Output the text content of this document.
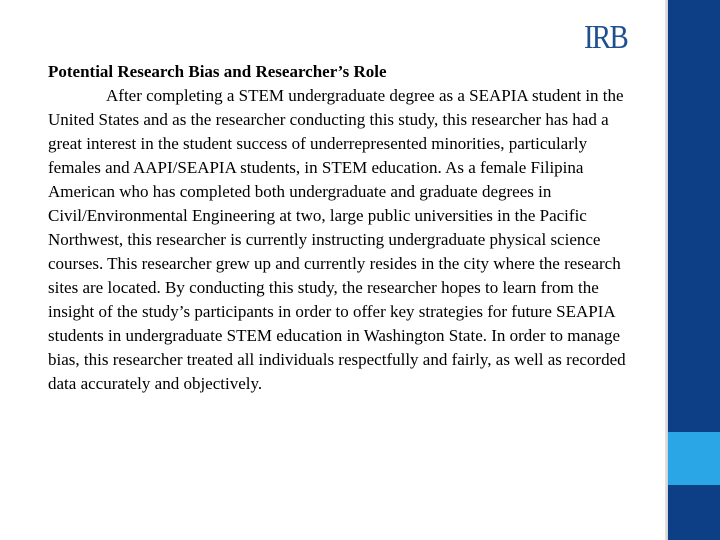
IRB

Potential Research Bias and Researcher’s Role

After completing a STEM undergraduate degree as a SEAPIA student in the United States and as the researcher conducting this study, this researcher has had a great interest in the student success of underrepresented minorities, particularly females and AAPI/SEAPIA students, in STEM education. As a female Filipina American who has completed both undergraduate and graduate degrees in Civil/Environmental Engineering at two, large public universities in the Pacific Northwest, this researcher is currently instructing undergraduate physical science courses. This researcher grew up and currently resides in the city where the research sites are located. By conducting this study, the researcher hopes to learn from the insight of the study’s participants in order to offer key strategies for future SEAPIA students in undergraduate STEM education in Washington State. In order to manage bias, this researcher treated all individuals respectfully and fairly, as well as recorded data accurately and objectively.
